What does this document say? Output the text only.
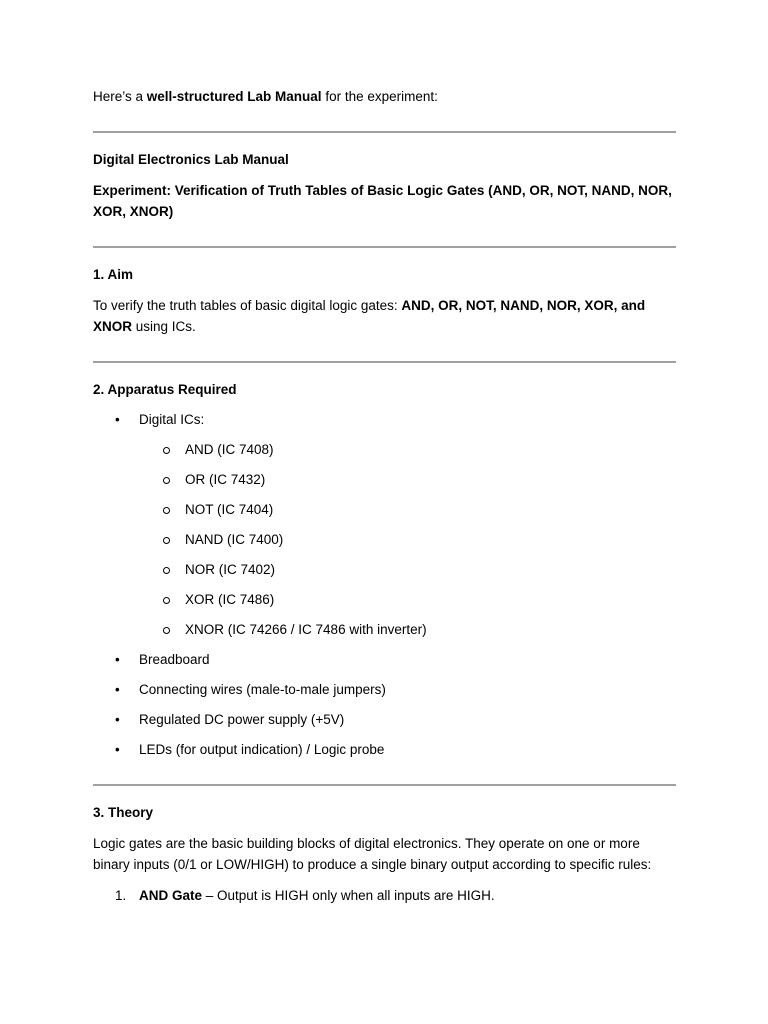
Here’s a well-structured Lab Manual for the experiment:

Digital Electronics Lab Manual

Experiment: Verification of Truth Tables of Basic Logic Gates (AND, OR, NOT, NAND, NOR, XOR, XNOR)

1. Aim

To verify the truth tables of basic digital logic gates: AND, OR, NOT, NAND, NOR, XOR, and XNOR using ICs.

2. Apparatus Required

• Digital ICs:
AND (IC 7408)
OR (IC 7432)
NOT (IC 7404)
NAND (IC 7400)
NOR (IC 7402)
XOR (IC 7486)
XNOR (IC 74266 / IC 7486 with inverter)
• Breadboard
• Connecting wires (male-to-male jumpers)
• Regulated DC power supply (+5V)
• LEDs (for output indication) / Logic probe

3. Theory

Logic gates are the basic building blocks of digital electronics. They operate on one or more binary inputs (0/1 or LOW/HIGH) to produce a single binary output according to specific rules:

1. AND Gate – Output is HIGH only when all inputs are HIGH.
